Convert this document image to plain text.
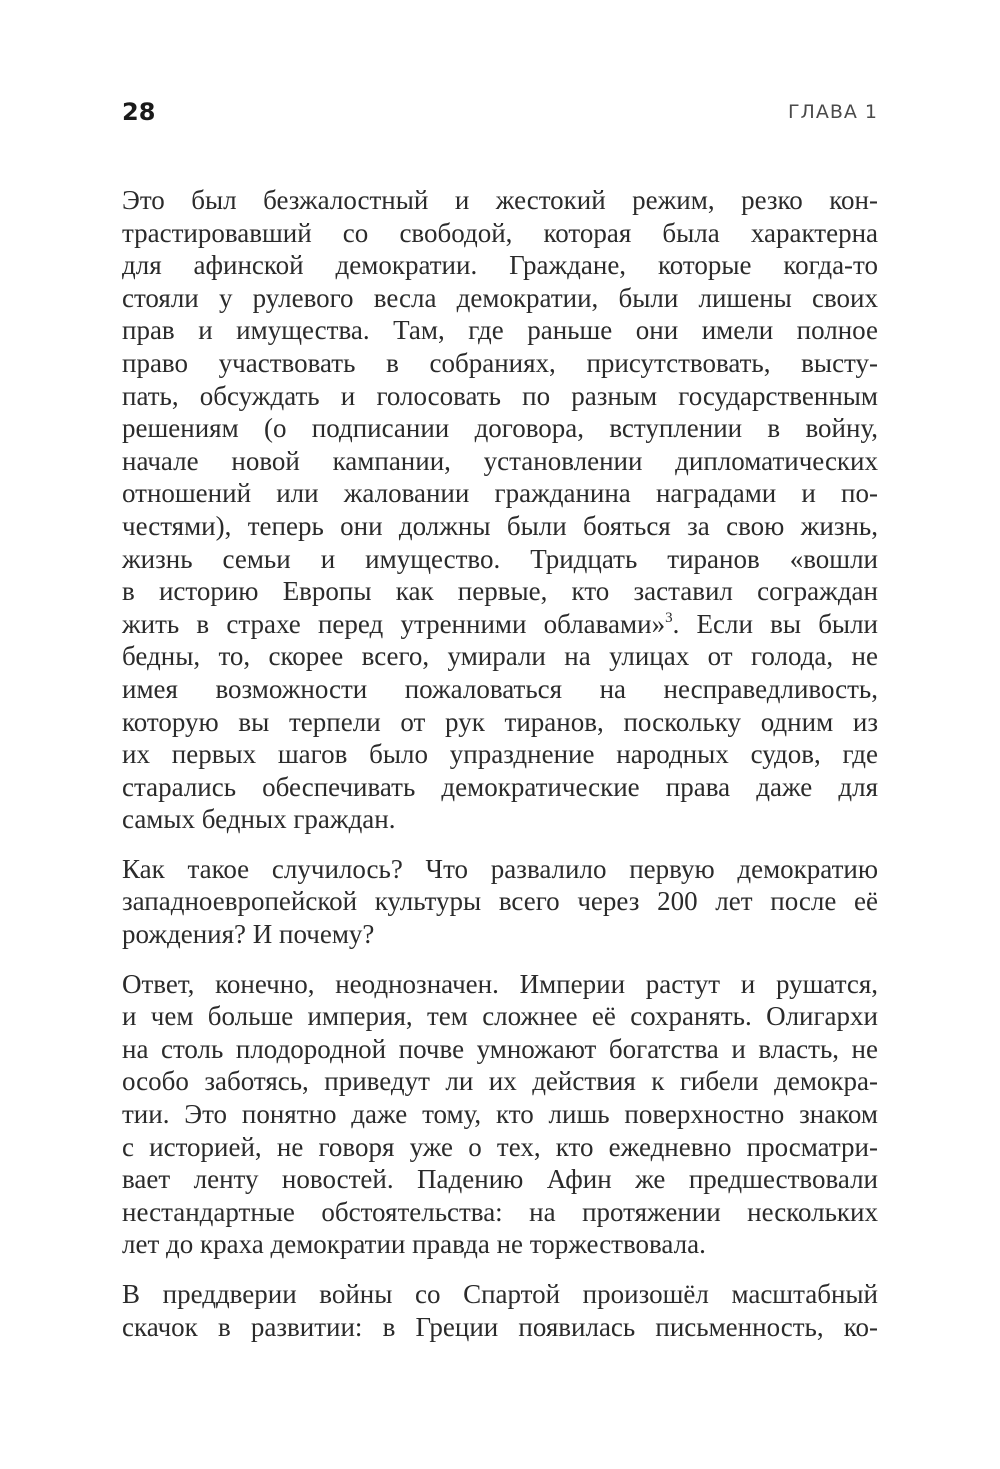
28	ГЛАВА 1

Это был безжалостный и жестокий режим, резко кон-
трастировавший со свободой, которая была характерна
для афинской демократии. Граждане, которые когда-то
стояли у рулевого весла демократии, были лишены своих
прав и имущества. Там, где раньше они имели полное
право участвовать в собраниях, присутствовать, высту-
пать, обсуждать и голосовать по разным государственным
решениям (о подписании договора, вступлении в войну,
начале новой кампании, установлении дипломатических
отношений или жаловании гражданина наградами и по-
честями), теперь они должны были бояться за свою жизнь,
жизнь семьи и имущество. Тридцать тиранов «вошли
в историю Европы как первые, кто заставил сограждан
жить в страхе перед утренними облавами»$^3$. Если вы были
бедны, то, скорее всего, умирали на улицах от голода, не
имея возможности пожаловаться на несправедливость,
которую вы терпели от рук тиранов, поскольку одним из
их первых шагов было упразднение народных судов, где
старались обеспечивать демократические права даже для
самых бедных граждан.

Как такое случилось? Что развалило первую демократию
западноевропейской культуры всего через 200 лет после её
рождения? И почему?

Ответ, конечно, неоднозначен. Империи растут и рушатся,
и чем больше империя, тем сложнее её сохранять. Олигархи
на столь плодородной почве умножают богатства и власть, не
особо заботясь, приведут ли их действия к гибели демокра-
тии. Это понятно даже тому, кто лишь поверхностно знаком
с историей, не говоря уже о тех, кто ежедневно просматри-
вает ленту новостей. Падению Афин же предшествовали
нестандартные обстоятельства: на протяжении нескольких
лет до краха демократии правда не торжествовала.

В преддверии войны со Спартой произошёл масштабный
скачок в развитии: в Греции появилась письменность, ко-
